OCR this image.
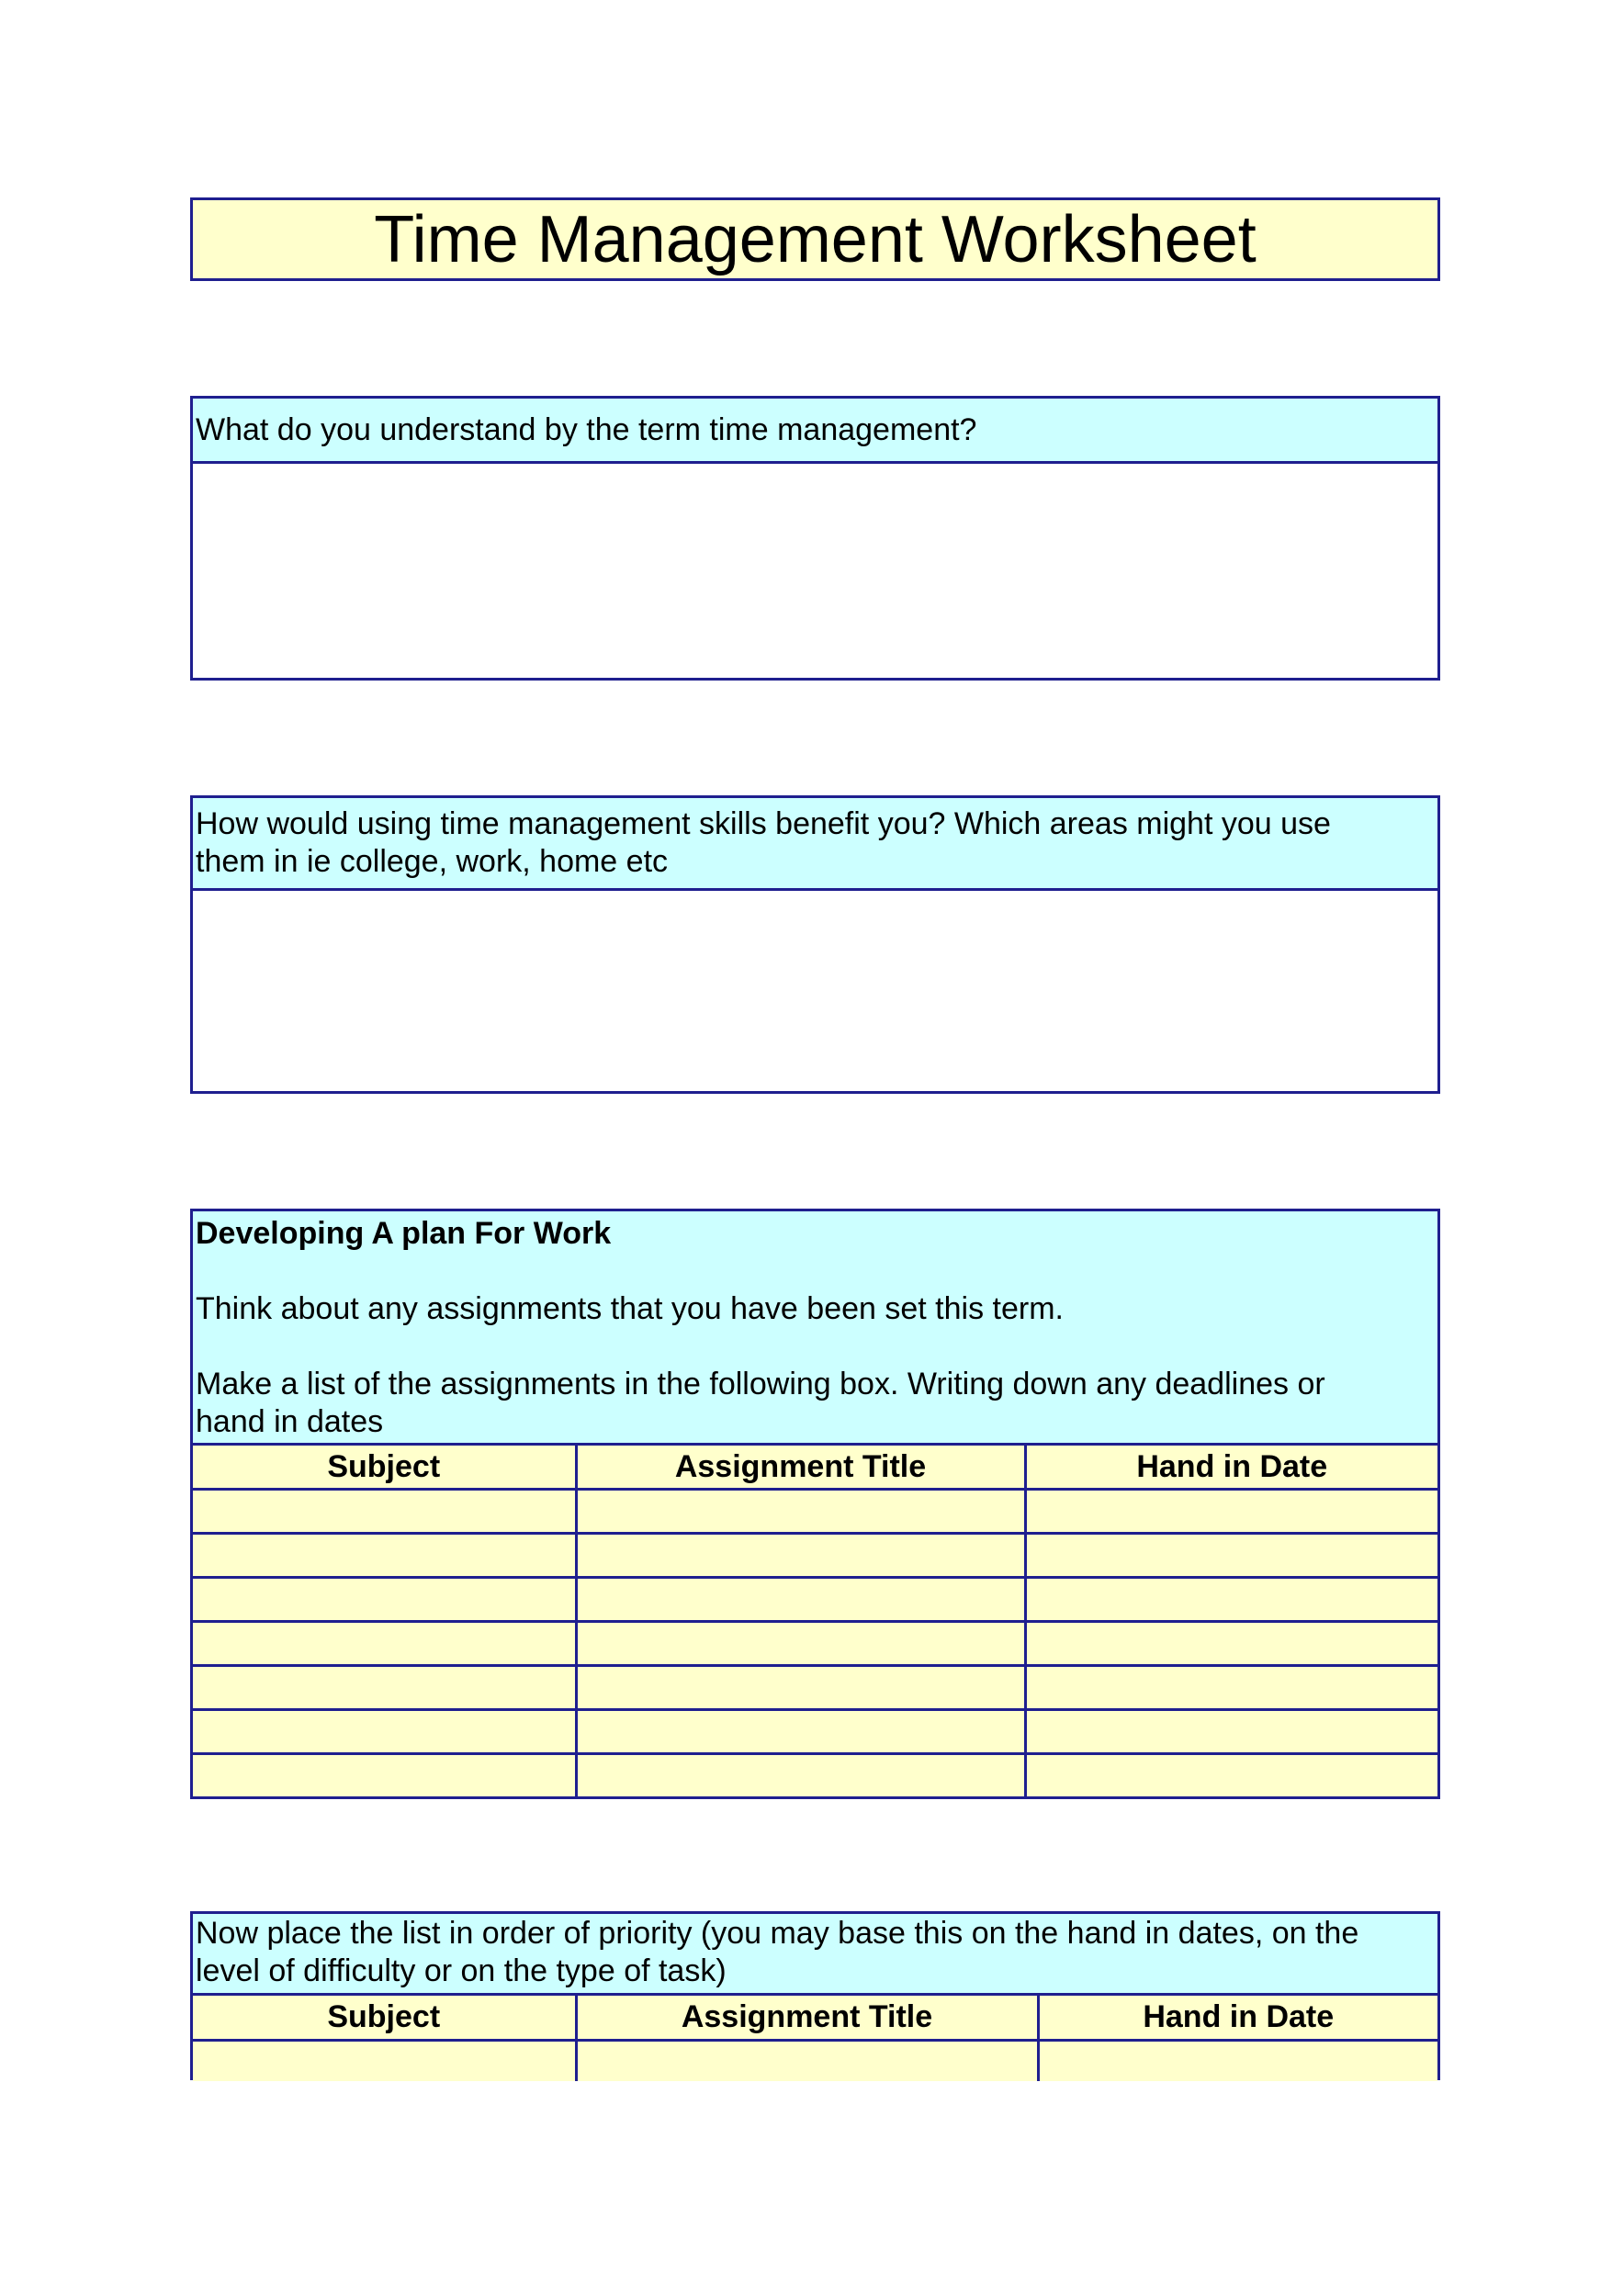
Time Management Worksheet
What do you understand by the term time management?
How would using time management skills benefit you? Which areas might you use
them in ie college, work, home etc

Developing A plan For Work

Think about any assignments that you have been set this term.

Make a list of the assignments in the following box. Writing down any deadlines or

hand in dates

Subject	Assignment Title	Hand in Date

Now place the list in order of priority (you may base this on the hand in dates, on the
level of difficulty or on the type of task)
Subject	Assignment Title	Hand in Date
